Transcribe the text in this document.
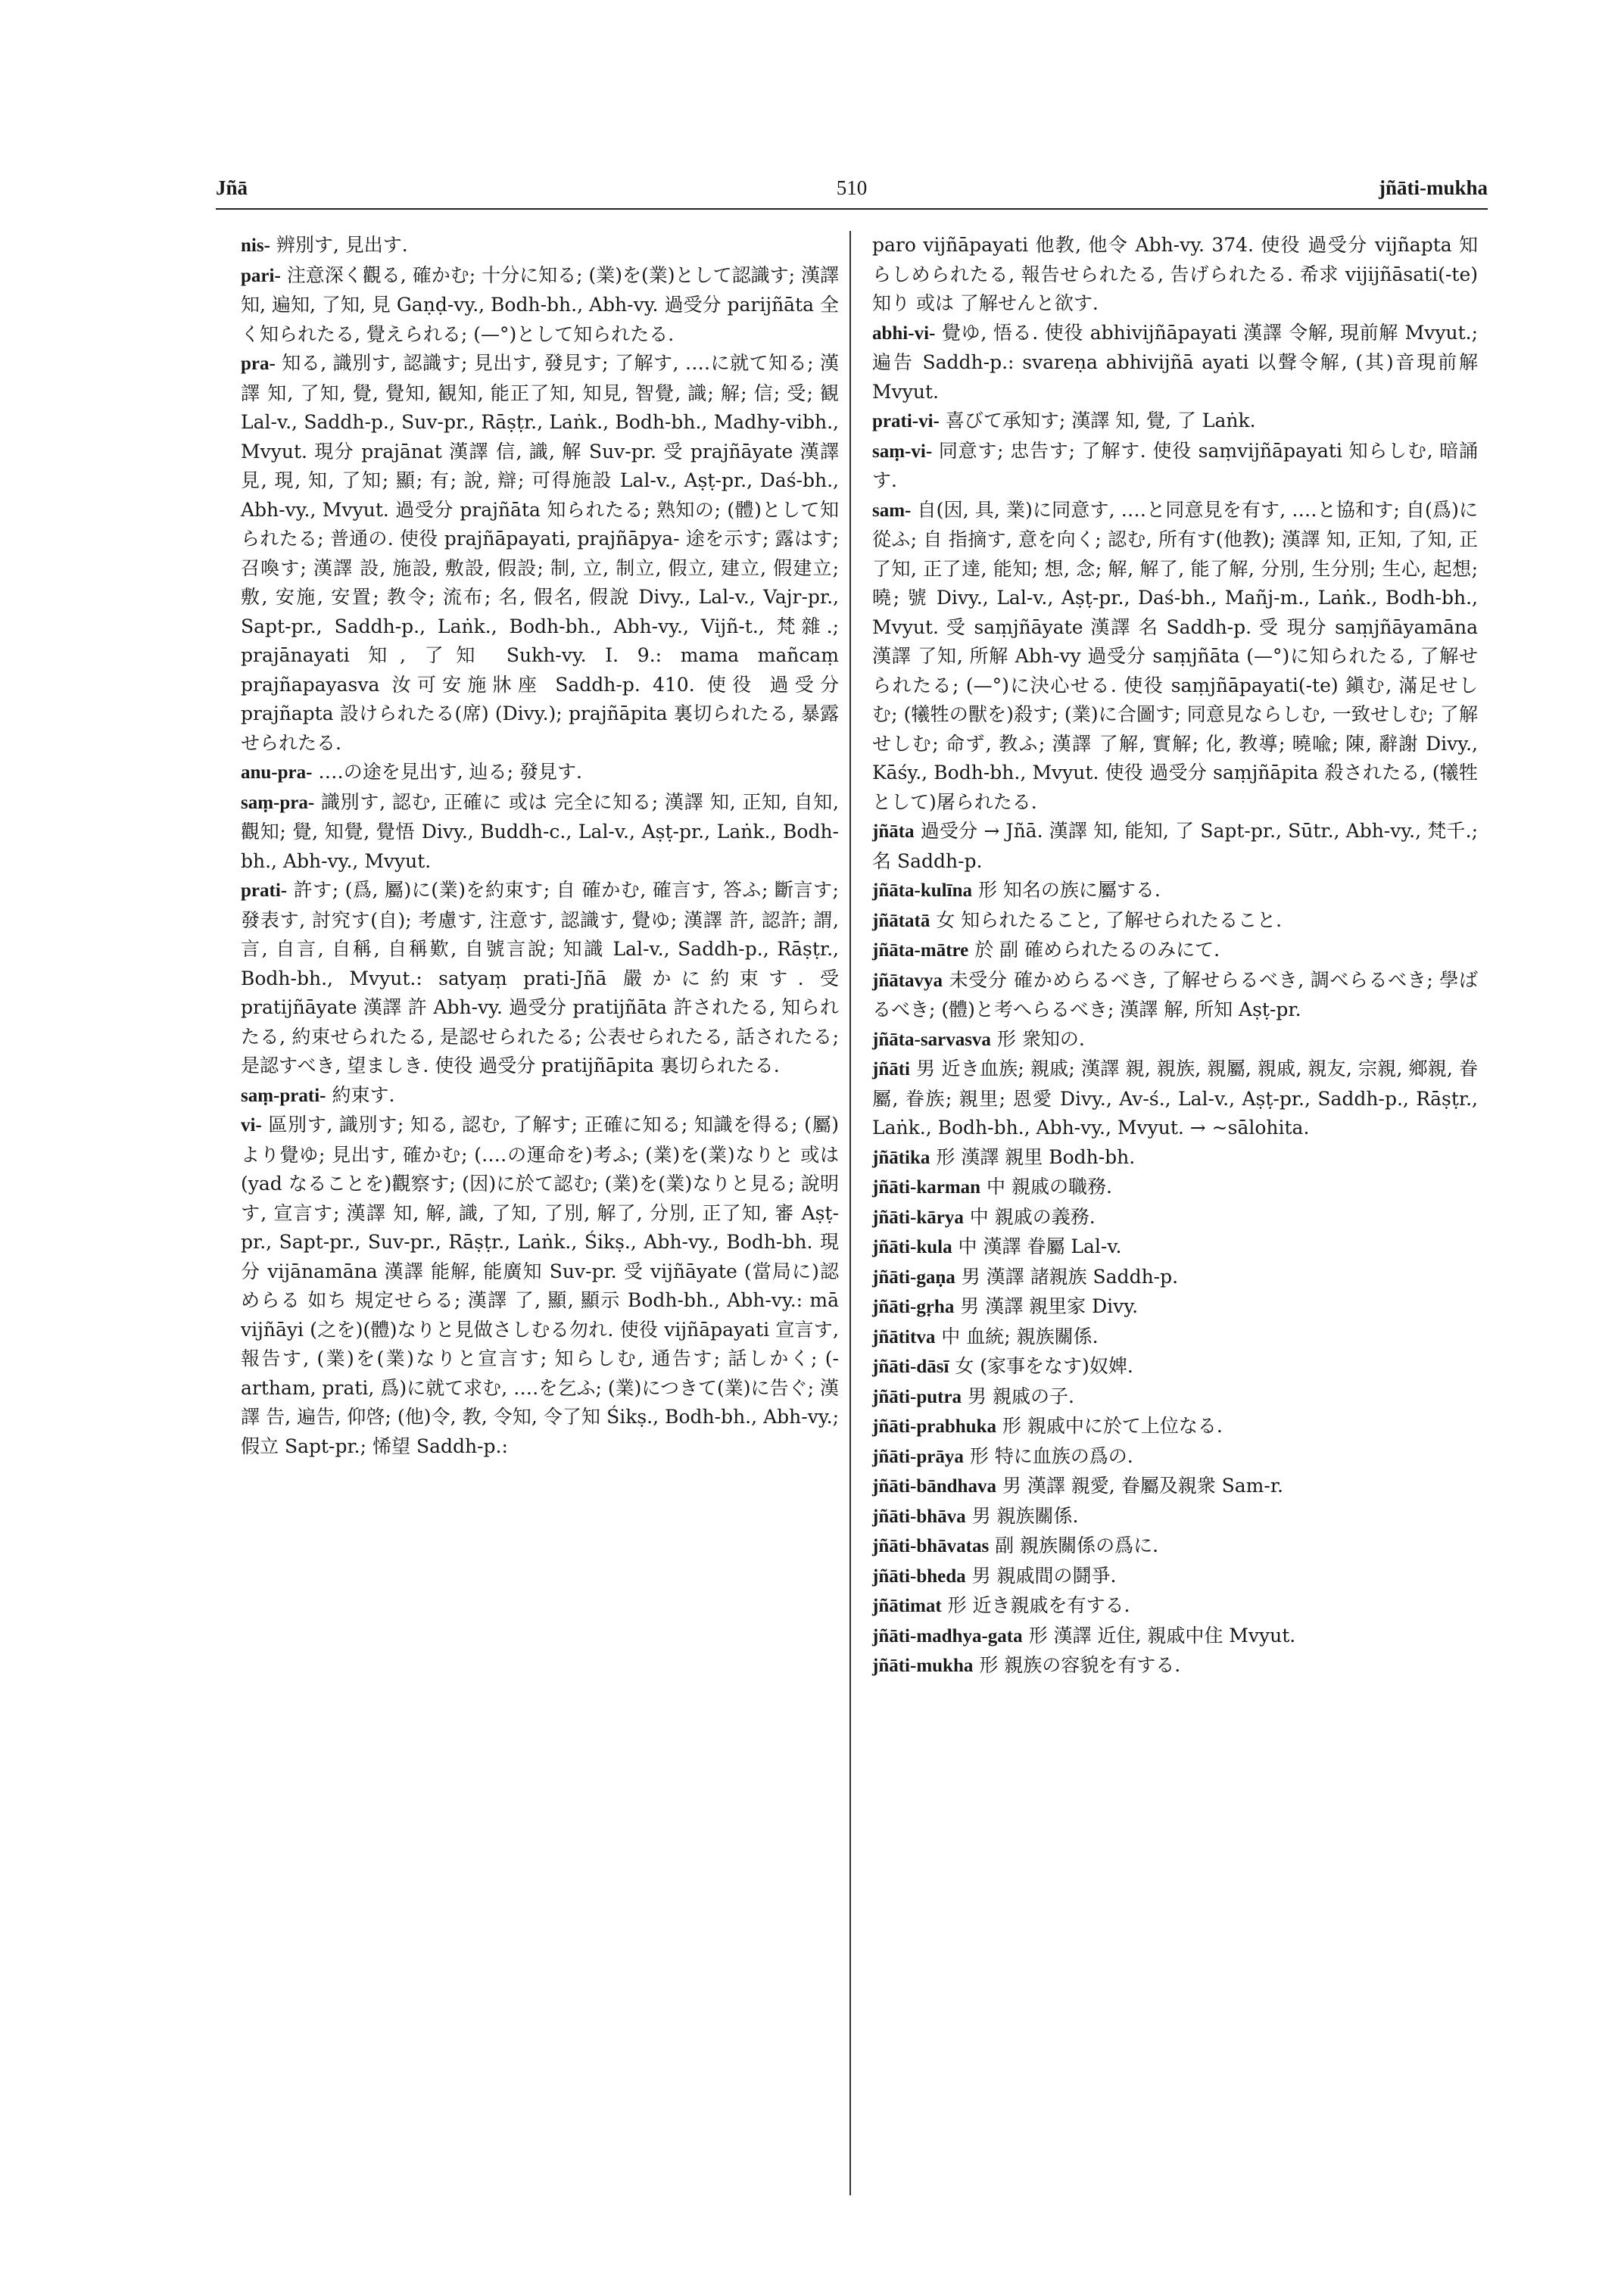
Jñā	510	jñāti-mukha
nis- 辨別す, 見出す.
pari- 注意深く觀る, 確かむ; 十分に知る; (業)を(業)として認識す; 漢譯 知, 遍知, 了知, 見 Gaṇḍ-vy., Bodh-bh., Abh-vy. 過受分 parijñāta 全く知られたる, 覺えられる; (—°)として知られたる.
pra- 知る, 識別す, 認識す; 見出す, 發見す; 了解す, ‥‥に就て知る; 漢譯 知, 了知, 覺, 覺知, 観知, 能正了知, 知見, 智覺, 識; 解; 信; 受; 観 Lal-v., Saddh-p., Suv-pr., Rāṣṭr., Laṅk., Bodh-bh., Madhy-vibh., Mvyut. 現分 prajānat 漢譯 信, 識, 解 Suv-pr. 受 prajñāyate 漢譯 見, 現, 知, 了知; 顯; 有; 說, 辯; 可得施設 Lal-v., Aṣṭ-pr., Daś-bh., Abh-vy., Mvyut. 過受分 prajñāta 知られたる; 熟知の; (體)として知られたる; 普通の. 使役 prajñāpayati, prajñāpya- 途を示す; 露はす; 召喚す; 漢譯 設, 施設, 敷設, 假設; 制, 立, 制立, 假立, 建立, 假建立; 敷, 安施, 安置; 教令; 流布; 名, 假名, 假說 Divy., Lal-v., Vajr-pr., Sapt-pr., Saddh-p., Laṅk., Bodh-bh., Abh-vy., Vijñ-t., 梵雜.; prajānayati 知, 了知 Sukh-vy. I. 9.: mama mañcaṃ prajñapayasva 汝可安施牀座 Saddh-p. 410. 使役 過受分 prajñapta 設けられたる(席) (Divy.); prajñāpita 裏切られたる, 暴露せられたる.
anu-pra- ‥‥の途を見出す, 辿る; 發見す.
saṃ-pra- 識別す, 認む, 正確に 或は 完全に知る; 漢譯 知, 正知, 自知, 觀知; 覺, 知覺, 覺悟 Divy., Buddh-c., Lal-v., Aṣṭ-pr., Laṅk., Bodh-bh., Abh-vy., Mvyut.
prati- 許す; (爲, 屬)に(業)を約束す; 自 確かむ, 確言す, 答ふ; 斷言す; 發表す, 討究す(自); 考慮す, 注意す, 認識す, 覺ゆ; 漢譯 許, 認許; 謂, 言, 自言, 自稱, 自稱歎, 自號言說; 知識 Lal-v., Saddh-p., Rāṣṭr., Bodh-bh., Mvyut.: satyaṃ prati-Jñā 嚴かに約束す. 受 pratijñāyate 漢譯 許 Abh-vy. 過受分 pratijñāta 許されたる, 知られたる, 約束せられたる, 是認せられたる; 公表せられたる, 話されたる; 是認すべき, 望ましき. 使役 過受分 pratijñāpita 裏切られたる.
saṃ-prati- 約束す.
vi- 區別す, 識別す; 知る, 認む, 了解す; 正確に知る; 知識を得る; (屬)より覺ゆ; 見出す, 確かむ; (‥‥の運命を)考ふ; (業)を(業)なりと 或は (yad なることを)觀察す; (因)に於て認む; (業)を(業)なりと見る; 說明す, 宣言す; 漢譯 知, 解, 識, 了知, 了別, 解了, 分別, 正了知, 審 Aṣṭ-pr., Sapt-pr., Suv-pr., Rāṣṭr., Laṅk., Śikṣ., Abh-vy., Bodh-bh. 現分 vijānamāna 漢譯 能解, 能廣知 Suv-pr. 受 vijñāyate (當局に)認めらる 如ち 規定せらる; 漢譯 了, 顯, 顯示 Bodh-bh., Abh-vy.: mā vijñāyi (之を)(體)なりと見做さしむる勿れ. 使役 vijñāpayati 宣言す, 報告す, (業)を(業)なりと宣言す; 知らしむ, 通告す; 話しかく; (-artham, prati, 爲)に就て求む, ‥‥を乞ふ; (業)につきて(業)に告ぐ; 漢譯 告, 遍告, 仰啓; (他)令, 教, 令知, 令了知 Śikṣ., Bodh-bh., Abh-vy.; 假立 Sapt-pr.; 悕望 Saddh-p.:
paro vijñāpayati 他教, 他令 Abh-vy. 374. 使役 過受分 vijñapta 知らしめられたる, 報告せられたる, 告げられたる. 希求 vijijñāsati(-te) 知り 或は 了解せんと欲す.
abhi-vi- 覺ゆ, 悟る. 使役 abhivijñāpayati 漢譯 令解, 現前解 Mvyut.; 遍告 Saddh-p.: svareṇa abhivijñā ayati 以聲令解, (其)音現前解 Mvyut.
prati-vi- 喜びて承知す; 漢譯 知, 覺, 了 Laṅk.
saṃ-vi- 同意す; 忠告す; 了解す. 使役 saṃvijñāpayati 知らしむ, 暗誦す.
sam- 自(因, 具, 業)に同意す, ‥‥と同意見を有す, ‥‥と協和す; 自(爲)に從ふ; 自 指摘す, 意を向く; 認む, 所有す(他教); 漢譯 知, 正知, 了知, 正了知, 正了達, 能知; 想, 念; 解, 解了, 能了解, 分別, 生分別; 生心, 起想; 曉; 號 Divy., Lal-v., Aṣṭ-pr., Daś-bh., Mañj-m., Laṅk., Bodh-bh., Mvyut. 受 saṃjñāyate 漢譯 名 Saddh-p. 受 現分 saṃjñāyamāna 漢譯 了知, 所解 Abh-vy 過受分 saṃjñāta (—°)に知られたる, 了解せられたる; (—°)に決心せる. 使役 saṃjñāpayati(-te) 鎭む, 滿足せしむ; (犧牲の獸を)殺す; (業)に合圖す; 同意見ならしむ, 一致せしむ; 了解せしむ; 命ず, 教ふ; 漢譯 了解, 實解; 化, 教導; 曉喩; 陳, 辭謝 Divy., Kāśy., Bodh-bh., Mvyut. 使役 過受分 saṃjñāpita 殺されたる, (犧牲として)屠られたる.
jñāta 過受分 → Jñā. 漢譯 知, 能知, 了 Sapt-pr., Sūtr., Abh-vy., 梵千.; 名 Saddh-p.
jñāta-kulīna 形 知名の族に屬する.
jñātatā 女 知られたること, 了解せられたること.
jñāta-mātre 於 副 確められたるのみにて.
jñātavya 未受分 確かめらるべき, 了解せらるべき, 調べらるべき; 學ばるべき; (體)と考へらるべき; 漢譯 解, 所知 Aṣṭ-pr.
jñāta-sarvasva 形 衆知の.
jñāti 男 近き血族; 親戚; 漢譯 親, 親族, 親屬, 親戚, 親友, 宗親, 鄉親, 眷屬, 眷族; 親里; 恩愛 Divy., Av-ś., Lal-v., Aṣṭ-pr., Saddh-p., Rāṣṭr., Laṅk., Bodh-bh., Abh-vy., Mvyut. → ~sālohita.
jñātika 形 漢譯 親里 Bodh-bh.
jñāti-karman 中 親戚の職務.
jñāti-kārya 中 親戚の義務.
jñāti-kula 中 漢譯 眷屬 Lal-v.
jñāti-gaṇa 男 漢譯 諸親族 Saddh-p.
jñāti-gṛha 男 漢譯 親里家 Divy.
jñātitva 中 血統; 親族關係.
jñāti-dāsī 女 (家事をなす)奴婢.
jñāti-putra 男 親戚の子.
jñāti-prabhuka 形 親戚中に於て上位なる.
jñāti-prāya 形 特に血族の爲の.
jñāti-bāndhava 男 漢譯 親愛, 眷屬及親衆 Sam-r.
jñāti-bhāva 男 親族關係.
jñāti-bhāvatas 副 親族關係の爲に.
jñāti-bheda 男 親戚間の鬪爭.
jñātimat 形 近き親戚を有する.
jñāti-madhya-gata 形 漢譯 近住, 親戚中住 Mvyut.
jñāti-mukha 形 親族の容貌を有する.
